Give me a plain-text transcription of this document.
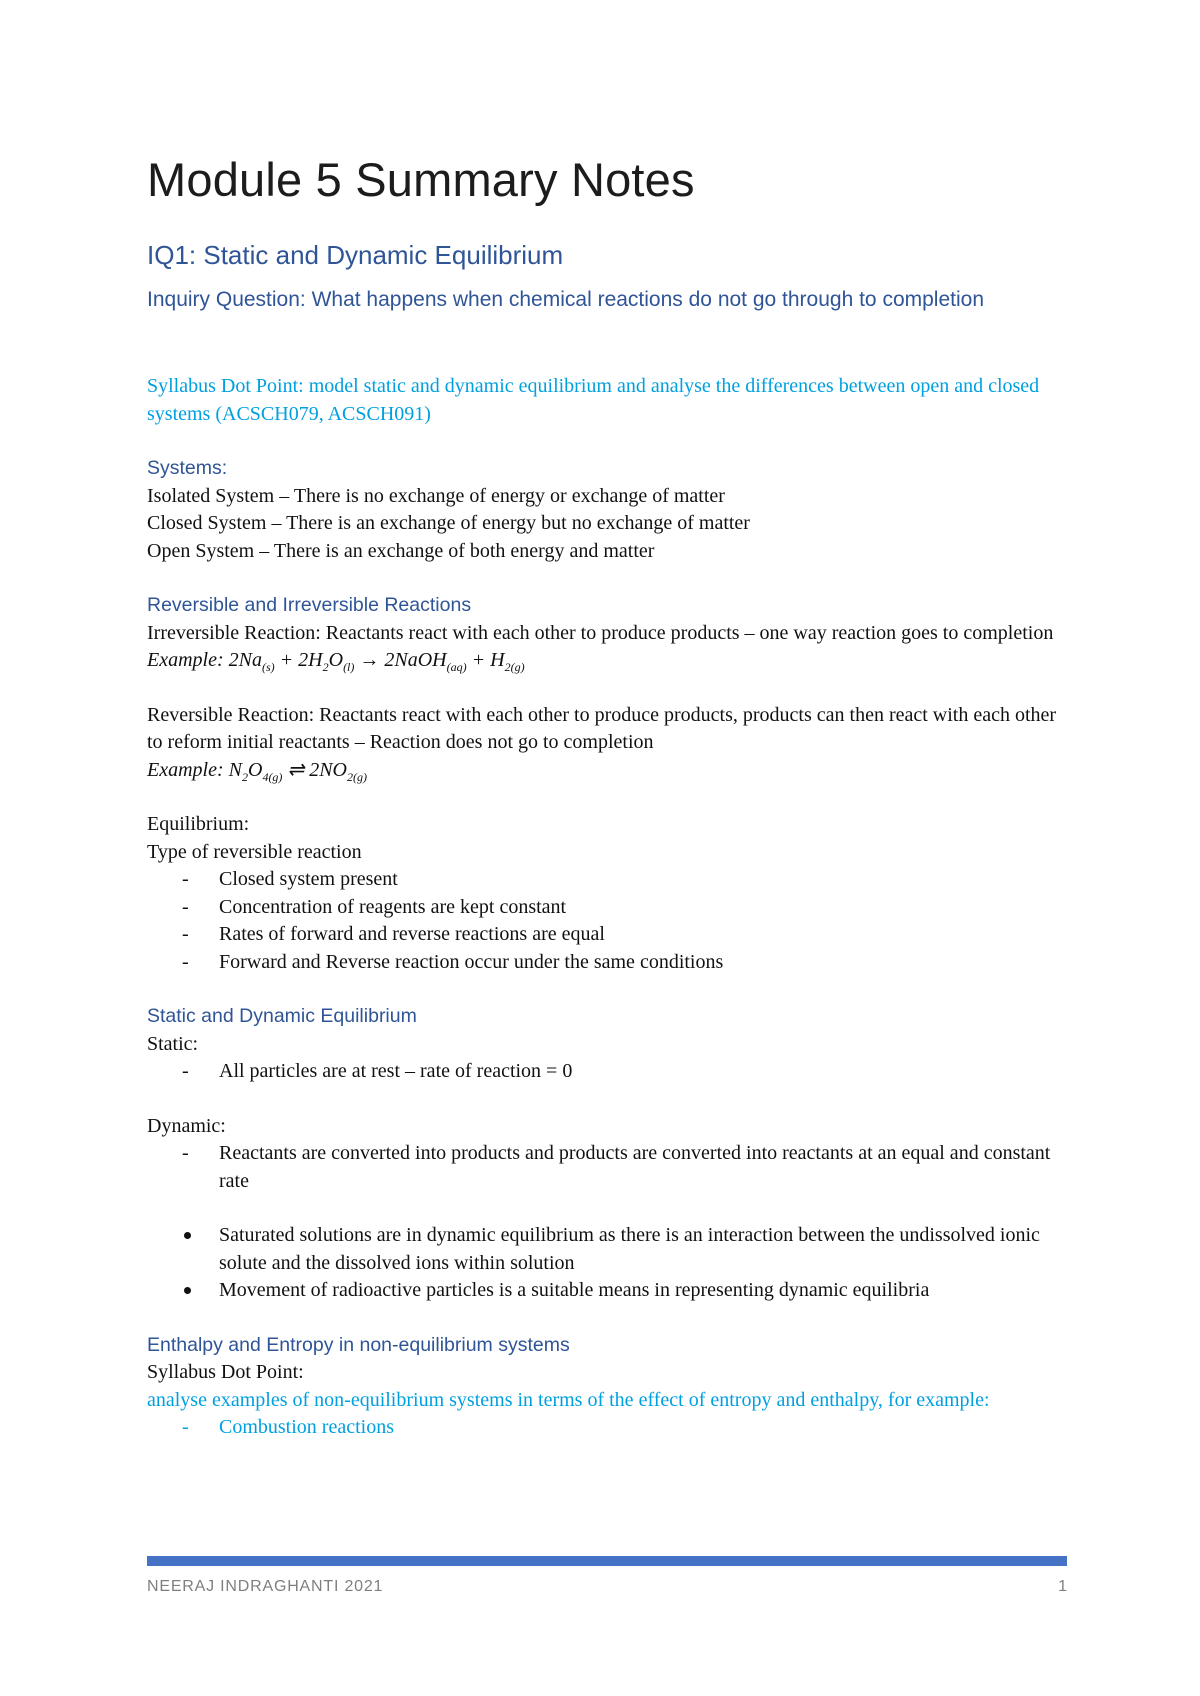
Module 5 Summary Notes
IQ1: Static and Dynamic Equilibrium
Inquiry Question: What happens when chemical reactions do not go through to completion

Syllabus Dot Point: model static and dynamic equilibrium and analyse the differences between open and closed systems (ACSCH079, ACSCH091)

Systems:

Isolated System – There is no exchange of energy or exchange of matter

Closed System – There is an exchange of energy but no exchange of matter

Open System – There is an exchange of both energy and matter

Reversible and Irreversible Reactions

Irreversible Reaction: Reactants react with each other to produce products – one way reaction goes to completion

Example: $2Na_{(s)} + 2H_2O_{(l)}$ → 2NaOH$_{(aq)}$ + $H_{2(g)}$

Reversible Reaction: Reactants react with each other to produce products, products can then react with each other to reform initial reactants – Reaction does not go to completion

Example: $N_2O_{4(g)}$ ⇌ $2NO_{2(g)}$

Equilibrium:

Type of reversible reaction

- Closed system present
- Concentration of reagents are kept constant
- Rates of forward and reverse reactions are equal
- Forward and Reverse reaction occur under the same conditions

Static and Dynamic Equilibrium

Static:

- All particles are at rest – rate of reaction = 0

Dynamic:

- Reactants are converted into products and products are converted into reactants at an equal and constant rate
Saturated solutions are in dynamic equilibrium as there is an interaction between the undissolved ionic solute and the dissolved ions within solution
Movement of radioactive particles is a suitable means in representing dynamic equilibria

Enthalpy and Entropy in non-equilibrium systems

Syllabus Dot Point:

analyse examples of non-equilibrium systems in terms of the effect of entropy and enthalpy, for example:

- Combustion reactions
NEERAJ INDRAGHANTI 2021	1
